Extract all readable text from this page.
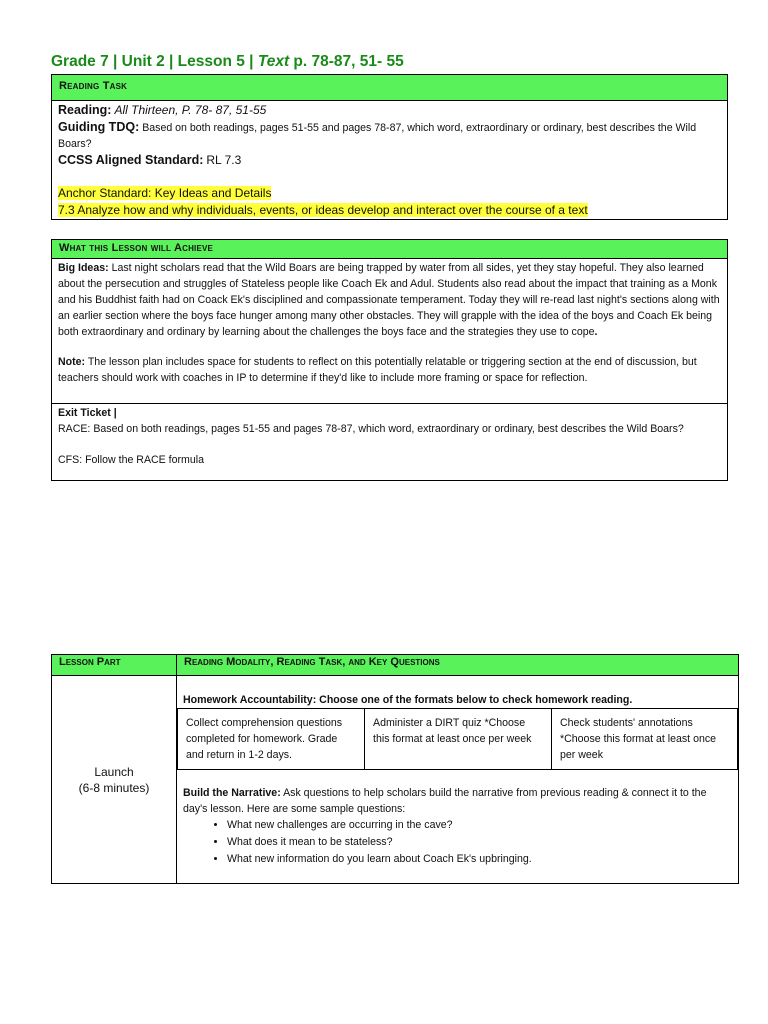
Grade 7 | Unit 2 | Lesson 5 | Text p. 78-87, 51- 55
Reading Task
Reading: All Thirteen, P. 78- 87, 51-55
Guiding TDQ: Based on both readings, pages 51-55 and pages 78-87, which word, extraordinary or ordinary, best describes the Wild Boars?
CCSS Aligned Standard: RL 7.3
Anchor Standard: Key Ideas and Details
7.3 Analyze how and why individuals, events, or ideas develop and interact over the course of a text
What this Lesson will Achieve
Big Ideas: Last night scholars read that the Wild Boars are being trapped by water from all sides, yet they stay hopeful. They also learned about the persecution and struggles of Stateless people like Coach Ek and Adul. Students also read about the impact that training as a Monk and his Buddhist faith had on Coack Ek's disciplined and compassionate temperament. Today they will re-read last night's sections along with an earlier section where the boys face hunger among many other obstacles. They will grapple with the idea of the boys and Coach Ek being both extraordinary and ordinary by learning about the challenges the boys face and the strategies they use to cope.
Note: The lesson plan includes space for students to reflect on this potentially relatable or triggering section at the end of discussion, but teachers should work with coaches in IP to determine if they'd like to include more framing or space for reflection.
Exit Ticket |
RACE: Based on both readings, pages 51-55 and pages 78-87, which word, extraordinary or ordinary, best describes the Wild Boars?
CFS: Follow the RACE formula
Lesson Part	Reading Modality, Reading Task, and Key Questions

Launch
(6-8 minutes)

Homework Accountability: Choose one of the formats below to check homework reading.
Collect comprehension questions completed for homework. Grade and return in 1-2 days.	Administer a DIRT quiz *Choose this format at least once per week	Check students' annotations *Choose this format at least once per week
Build the Narrative: Ask questions to help scholars build the narrative from previous reading & connect it to the day's lesson. Here are some sample questions:
• What new challenges are occurring in the cave?
• What does it mean to be stateless?
• What new information do you learn about Coach Ek's upbringing.
